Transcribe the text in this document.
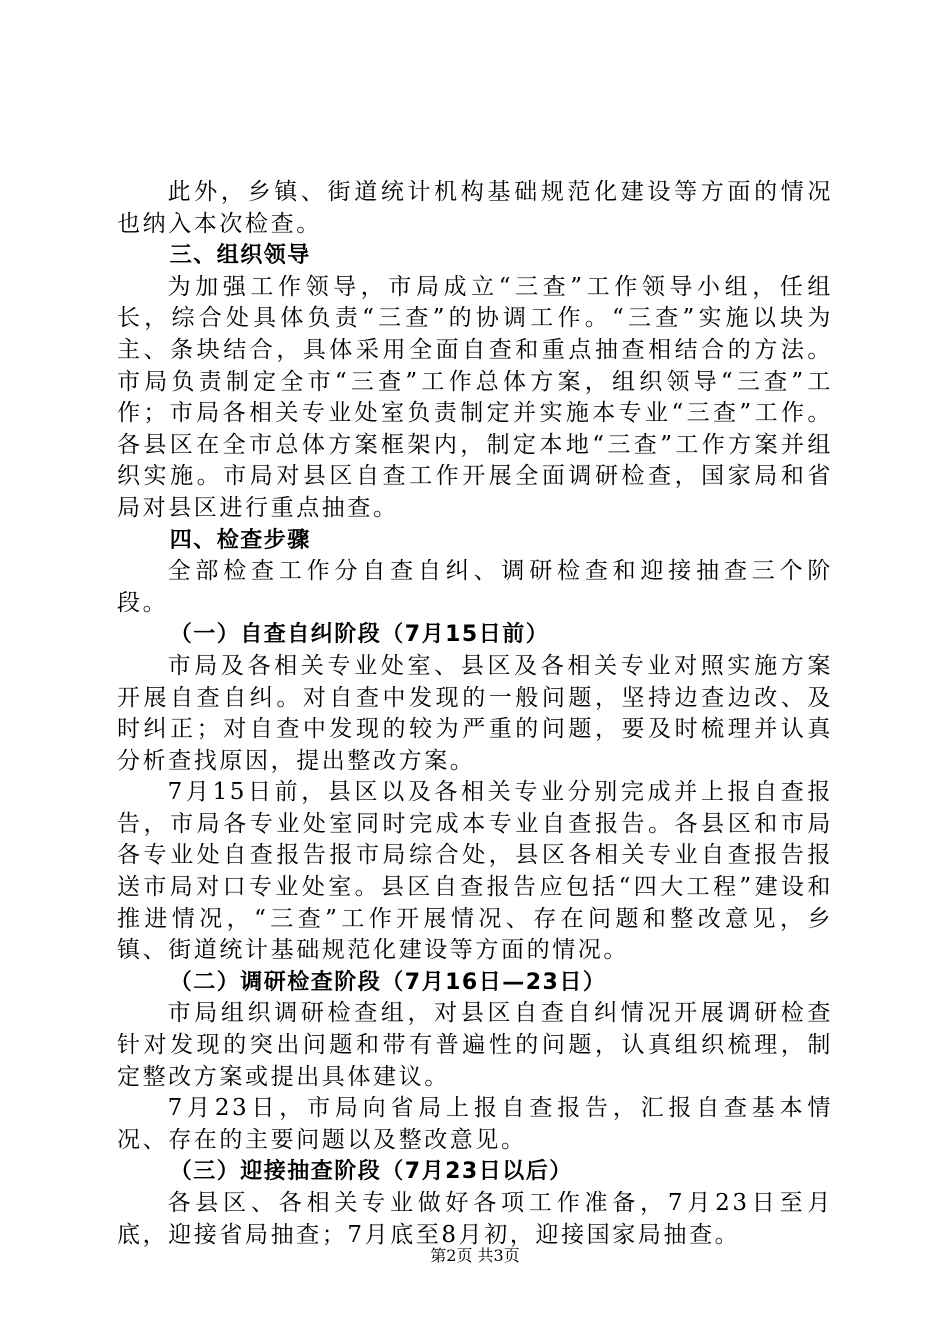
此外，乡镇、街道统计机构基础规范化建设等方面的情况也纳入本次检查。

三、组织领导

为加强工作领导，市局成立“三查”工作领导小组，任组长，综合处具体负责“三查”的协调工作。“三查”实施以块为主、条块结合，具体采用全面自查和重点抽查相结合的方法。市局负责制定全市“三查”工作总体方案，组织领导“三查”工作；市局各相关专业处室负责制定并实施本专业“三查”工作。各县区在全市总体方案框架内，制定本地“三查”工作方案并组织实施。市局对县区自查工作开展全面调研检查，国家局和省局对县区进行重点抽查。

四、检查步骤

全部检查工作分自查自纠、调研检查和迎接抽查三个阶段。

（一）自查自纠阶段（7月15日前）

市局及各相关专业处室、县区及各相关专业对照实施方案开展自查自纠。对自查中发现的一般问题，坚持边查边改、及时纠正；对自查中发现的较为严重的问题，要及时梳理并认真分析查找原因，提出整改方案。

7月15日前，县区以及各相关专业分别完成并上报自查报告，市局各专业处室同时完成本专业自查报告。各县区和市局各专业处自查报告报市局综合处，县区各相关专业自查报告报送市局对口专业处室。县区自查报告应包括“四大工程”建设和推进情况，“三查”工作开展情况、存在问题和整改意见，乡镇、街道统计基础规范化建设等方面的情况。

（二）调研检查阶段（7月16日—23日）

市局组织调研检查组，对县区自查自纠情况开展调研检查针对发现的突出问题和带有普遍性的问题，认真组织梳理，制定整改方案或提出具体建议。

7月23日，市局向省局上报自查报告，汇报自查基本情况、存在的主要问题以及整改意见。

（三）迎接抽查阶段（7月23日以后）

各县区、各相关专业做好各项工作准备，7月23日至月底，迎接省局抽查；7月底至8月初，迎接国家局抽查。

第2页 共3页
